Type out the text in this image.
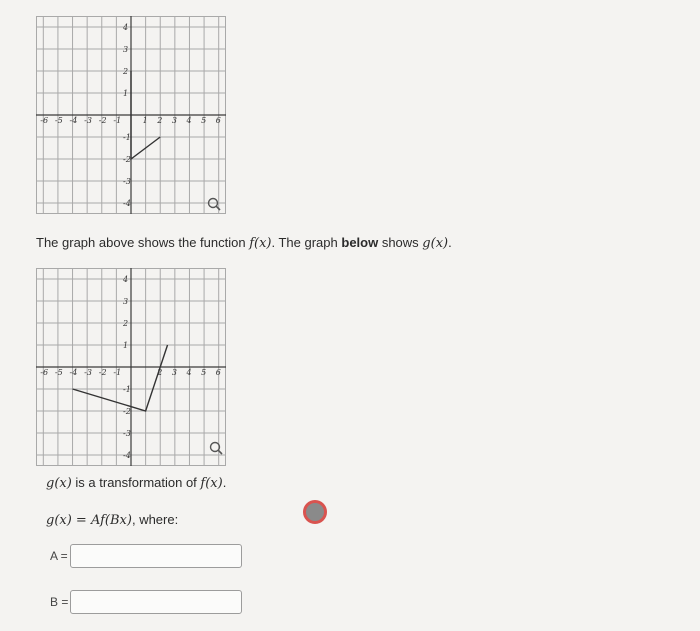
-6 -5 -4 -3 -2 -1	1 2 3 4 5 6
4
3
2
1
-1
-2
-3
-4
The graph above shows the function f(x). The graph below shows g(x).
-6 -5 -4 -3 -2 -1	2 3 4 5 6
4
3
2
1
-1
-2
-3
-4
g(x) is a transformation of f(x).
g(x) = Af(Bx), where:
A =
B =
